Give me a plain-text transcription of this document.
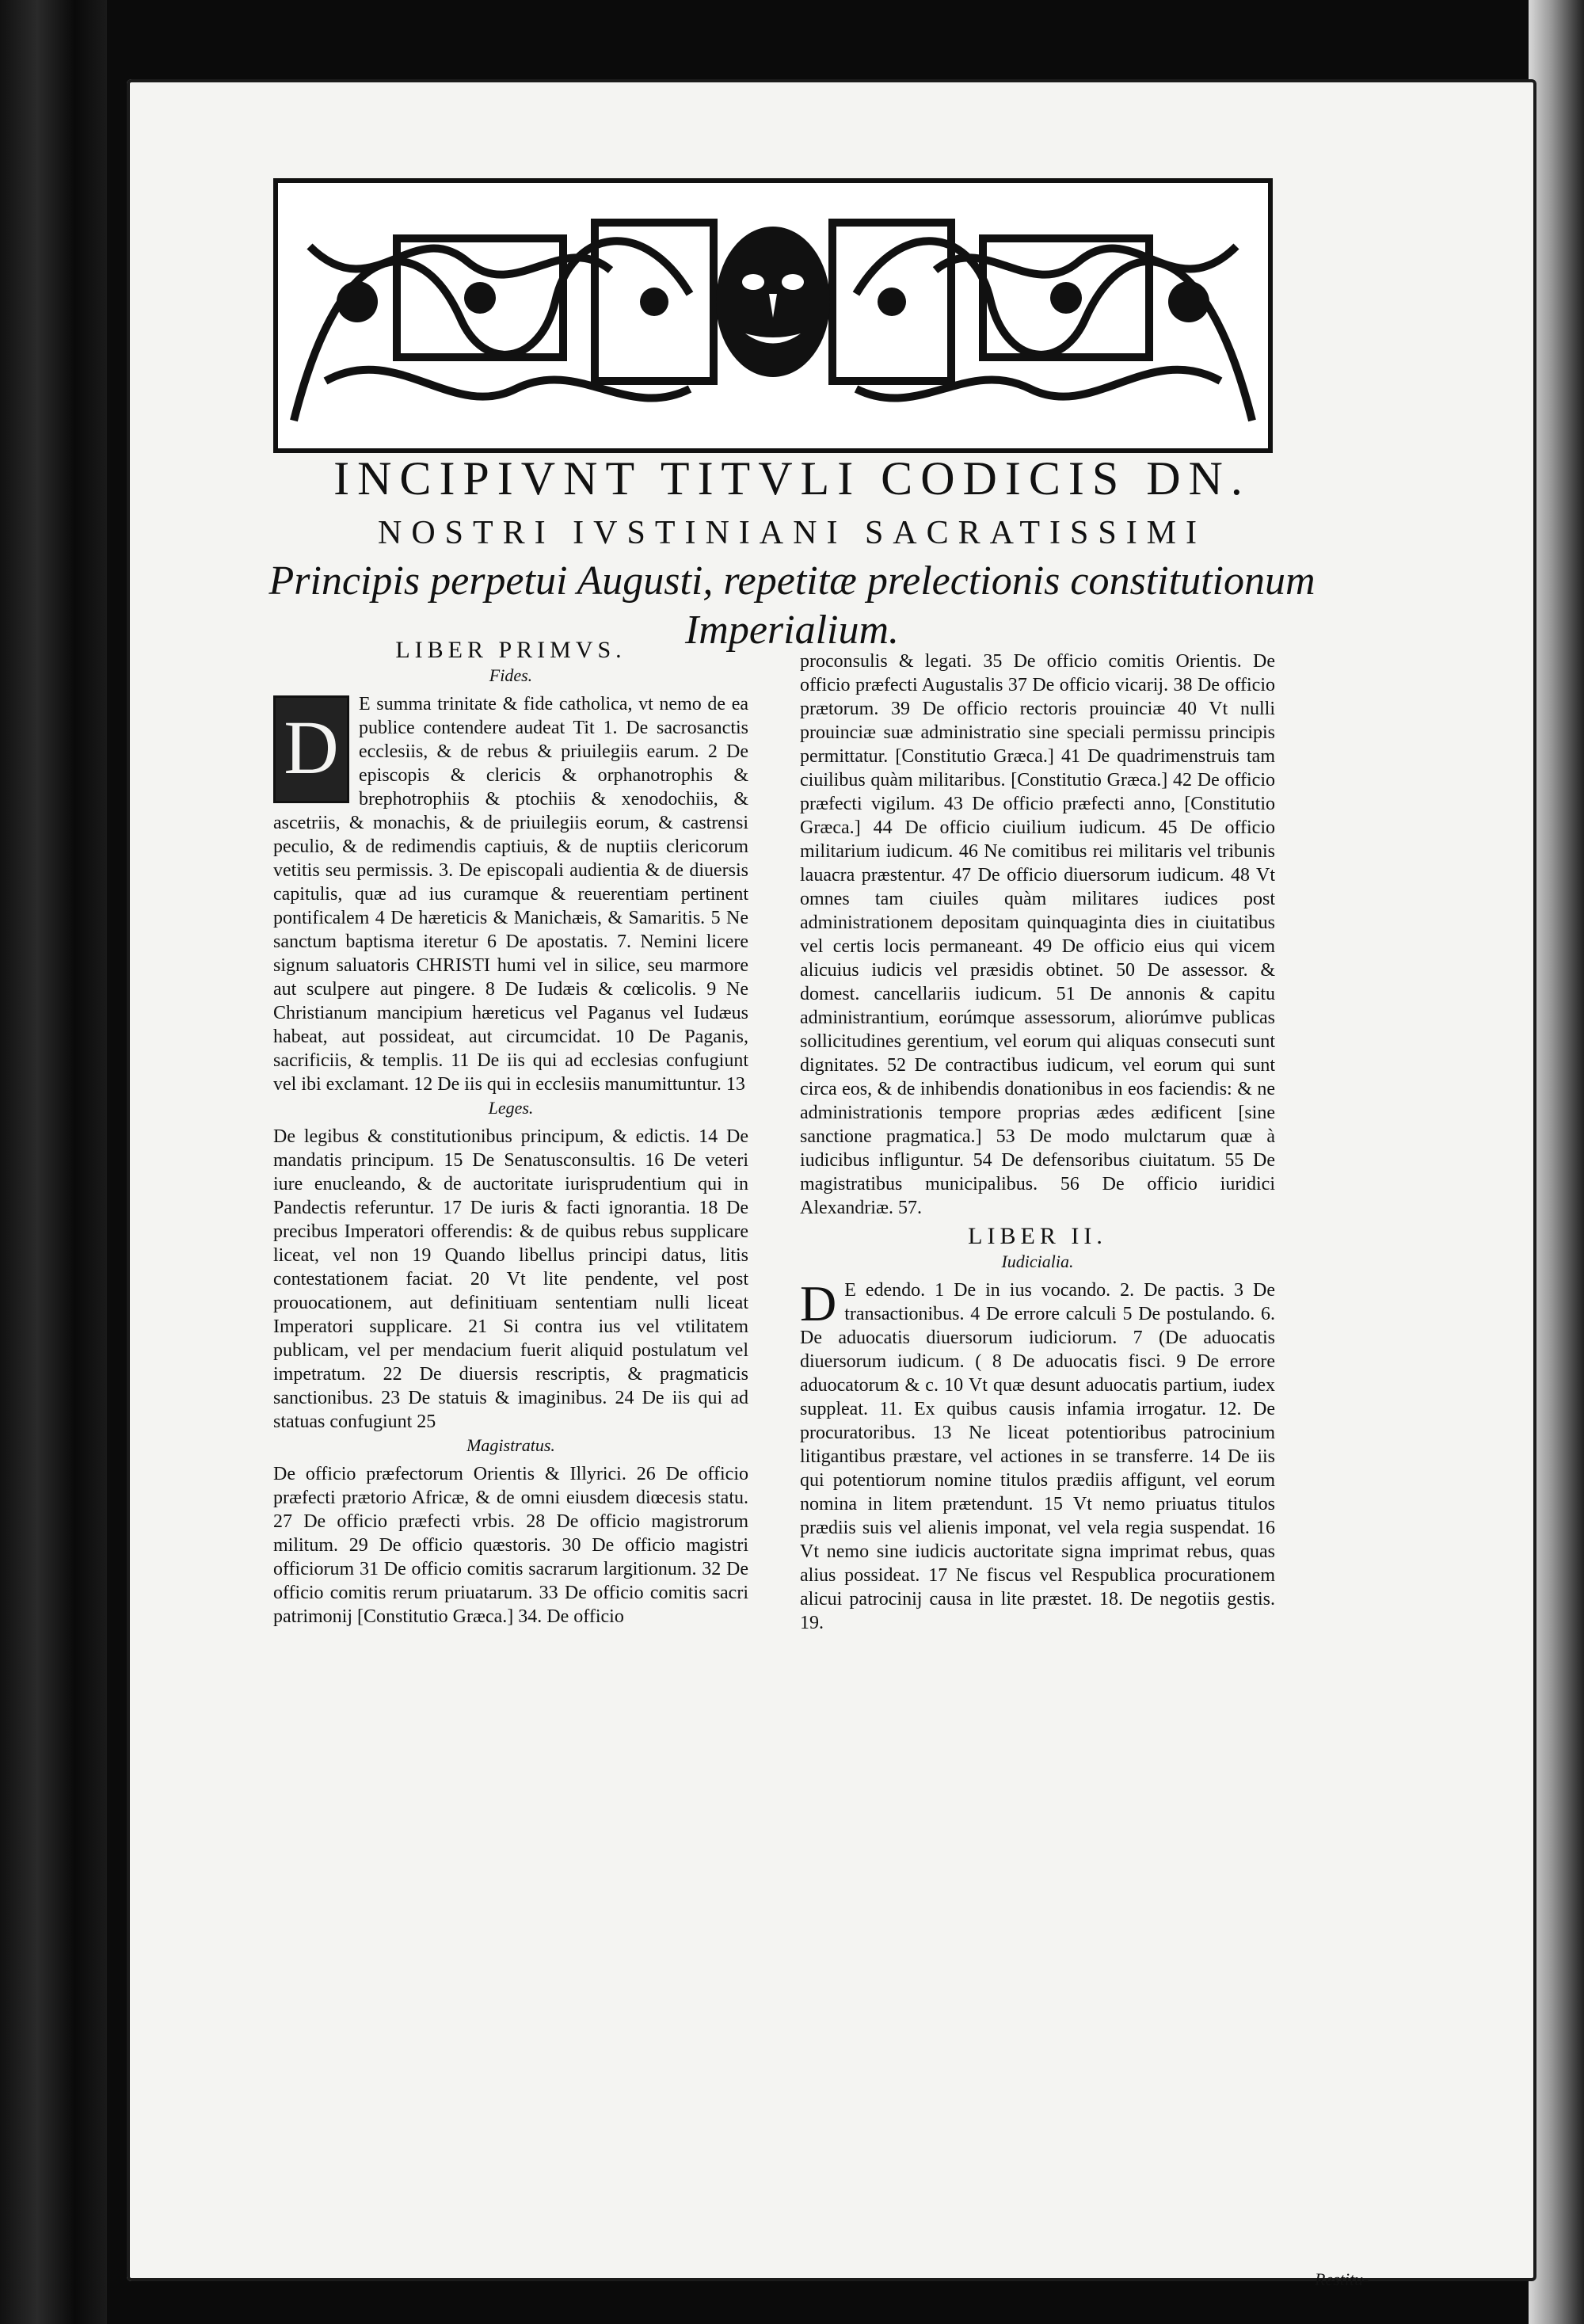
INCIPIVNT TITVLI CODICIS DN.

NOSTRI IVSTINIANI SACRATISSIMI

Principis perpetui Augusti, repetitæ prelectionis constitutionum Imperialium.

LIBER PRIMVS.
Fides.
D

E summa trinitate & fide catholica, vt nemo de ea publice contendere audeat Tit 1. De sacrosanctis ecclesiis, & de rebus & priuilegiis earum. 2 De episcopis & clericis & orphanotrophis & brephotrophiis & ptochiis & xenodochiis, & ascetriis, & monachis, & de priuilegiis eorum, & castrensi peculio, & de redimendis captiuis, & de nuptiis clericorum vetitis seu permissis. 3. De episcopali audientia & de diuersis capitulis, quæ ad ius curamque & reuerentiam pertinent pontificalem 4 De hæreticis & Manichæis, & Samaritis. 5 Ne sanctum baptisma iteretur 6 De apostatis. 7. Nemini licere signum saluatoris CHRISTI humi vel in silice, seu marmore aut sculpere aut pingere. 8 De Iudæis & cœlicolis. 9 Ne Christianum mancipium hæreticus vel Paganus vel Iudæus habeat, aut possideat, aut circumcidat. 10 De Paganis, sacrificiis, & templis. 11 De iis qui ad ecclesias confugiunt vel ibi exclamant. 12 De iis qui in ecclesiis manumittuntur. 13

Leges.

De legibus & constitutionibus principum, & edictis. 14 De mandatis principum. 15 De Senatusconsultis. 16 De veteri iure enucleando, & de auctoritate iurisprudentium qui in Pandectis referuntur. 17 De iuris & facti ignorantia. 18 De precibus Imperatori offerendis: & de quibus rebus supplicare liceat, vel non 19 Quando libellus principi datus, litis contestationem faciat. 20 Vt lite pendente, vel post prouocationem, aut definitiuam sententiam nulli liceat Imperatori supplicare. 21 Si contra ius vel vtilitatem publicam, vel per mendacium fuerit aliquid postulatum vel impetratum. 22 De diuersis rescriptis, & pragmaticis sanctionibus. 23 De statuis & imaginibus. 24 De iis qui ad statuas confugiunt 25

Magistratus.

De officio præfectorum Orientis & Illyrici. 26 De officio præfecti prætorio Africæ, & de omni eiusdem diœcesis statu. 27 De officio præfecti vrbis. 28 De officio magistrorum militum. 29 De officio quæstoris. 30 De officio magistri officiorum 31 De officio comitis sacrarum largitionum. 32 De officio comitis rerum priuatarum. 33 De officio comitis sacri patrimonij [Constitutio Græca.] 34. De officio

proconsulis & legati. 35 De officio comitis Orientis. De officio præfecti Augustalis 37 De officio vicarij. 38 De officio prætorum. 39 De officio rectoris prouinciæ 40 Vt nulli prouinciæ suæ administratio sine speciali permissu principis permittatur. [Constitutio Græca.] 41 De quadrimenstruis tam ciuilibus quàm militaribus. [Constitutio Græca.] 42 De officio præfecti vigilum. 43 De officio præfecti anno, [Constitutio Græca.] 44 De officio ciuilium iudicum. 45 De officio militarium iudicum. 46 Ne comitibus rei militaris vel tribunis lauacra præstentur. 47 De officio diuersorum iudicum. 48 Vt omnes tam ciuiles quàm militares iudices post administrationem depositam quinquaginta dies in ciuitatibus vel certis locis permaneant. 49 De officio eius qui vicem alicuius iudicis vel præsidis obtinet. 50 De assessor. & domest. cancellariis iudicum. 51 De annonis & capitu administrantium, eorúmque assessorum, aliorúmve publicas sollicitudines gerentium, vel eorum qui aliquas consecuti sunt dignitates. 52 De contractibus iudicum, vel eorum qui sunt circa eos, & de inhibendis donationibus in eos faciendis: & ne administrationis tempore proprias ædes ædificent [sine sanctione pragmatica.] 53 De modo mulctarum quæ à iudicibus infliguntur. 54 De defensoribus ciuitatum. 55 De magistratibus municipalibus. 56 De officio iuridici Alexandriæ. 57.

LIBER II.
Iudicialia.
D E edendo. 1 De in ius vocando. 2. De pactis. 3 De transactionibus. 4 De errore calculi 5 De postulando. 6. De aduocatis diuersorum iudiciorum. 7 (De aduocatis diuersorum iudicum. ( 8 De aduocatis fisci. 9 De errore aduocatorum & c. 10 Vt quæ desunt aduocatis partium, iudex suppleat. 11. Ex quibus causis infamia irrogatur. 12. De procuratoribus. 13 Ne liceat potentioribus patrocinium litigantibus præstare, vel actiones in se transferre. 14 De iis qui potentiorum nomine titulos prædiis affigunt, vel eorum nomina in litem prætendunt. 15 Vt nemo priuatus titulos prædiis suis vel alienis imponat, vel vela regia suspendat. 16 Vt nemo sine iudicis auctoritate signa imprimat rebus, quas alius possideat. 17 Ne fiscus vel Respublica procurationem alicui patrocinij causa in lite præstet. 18. De negotiis gestis. 19.

Restitu-
